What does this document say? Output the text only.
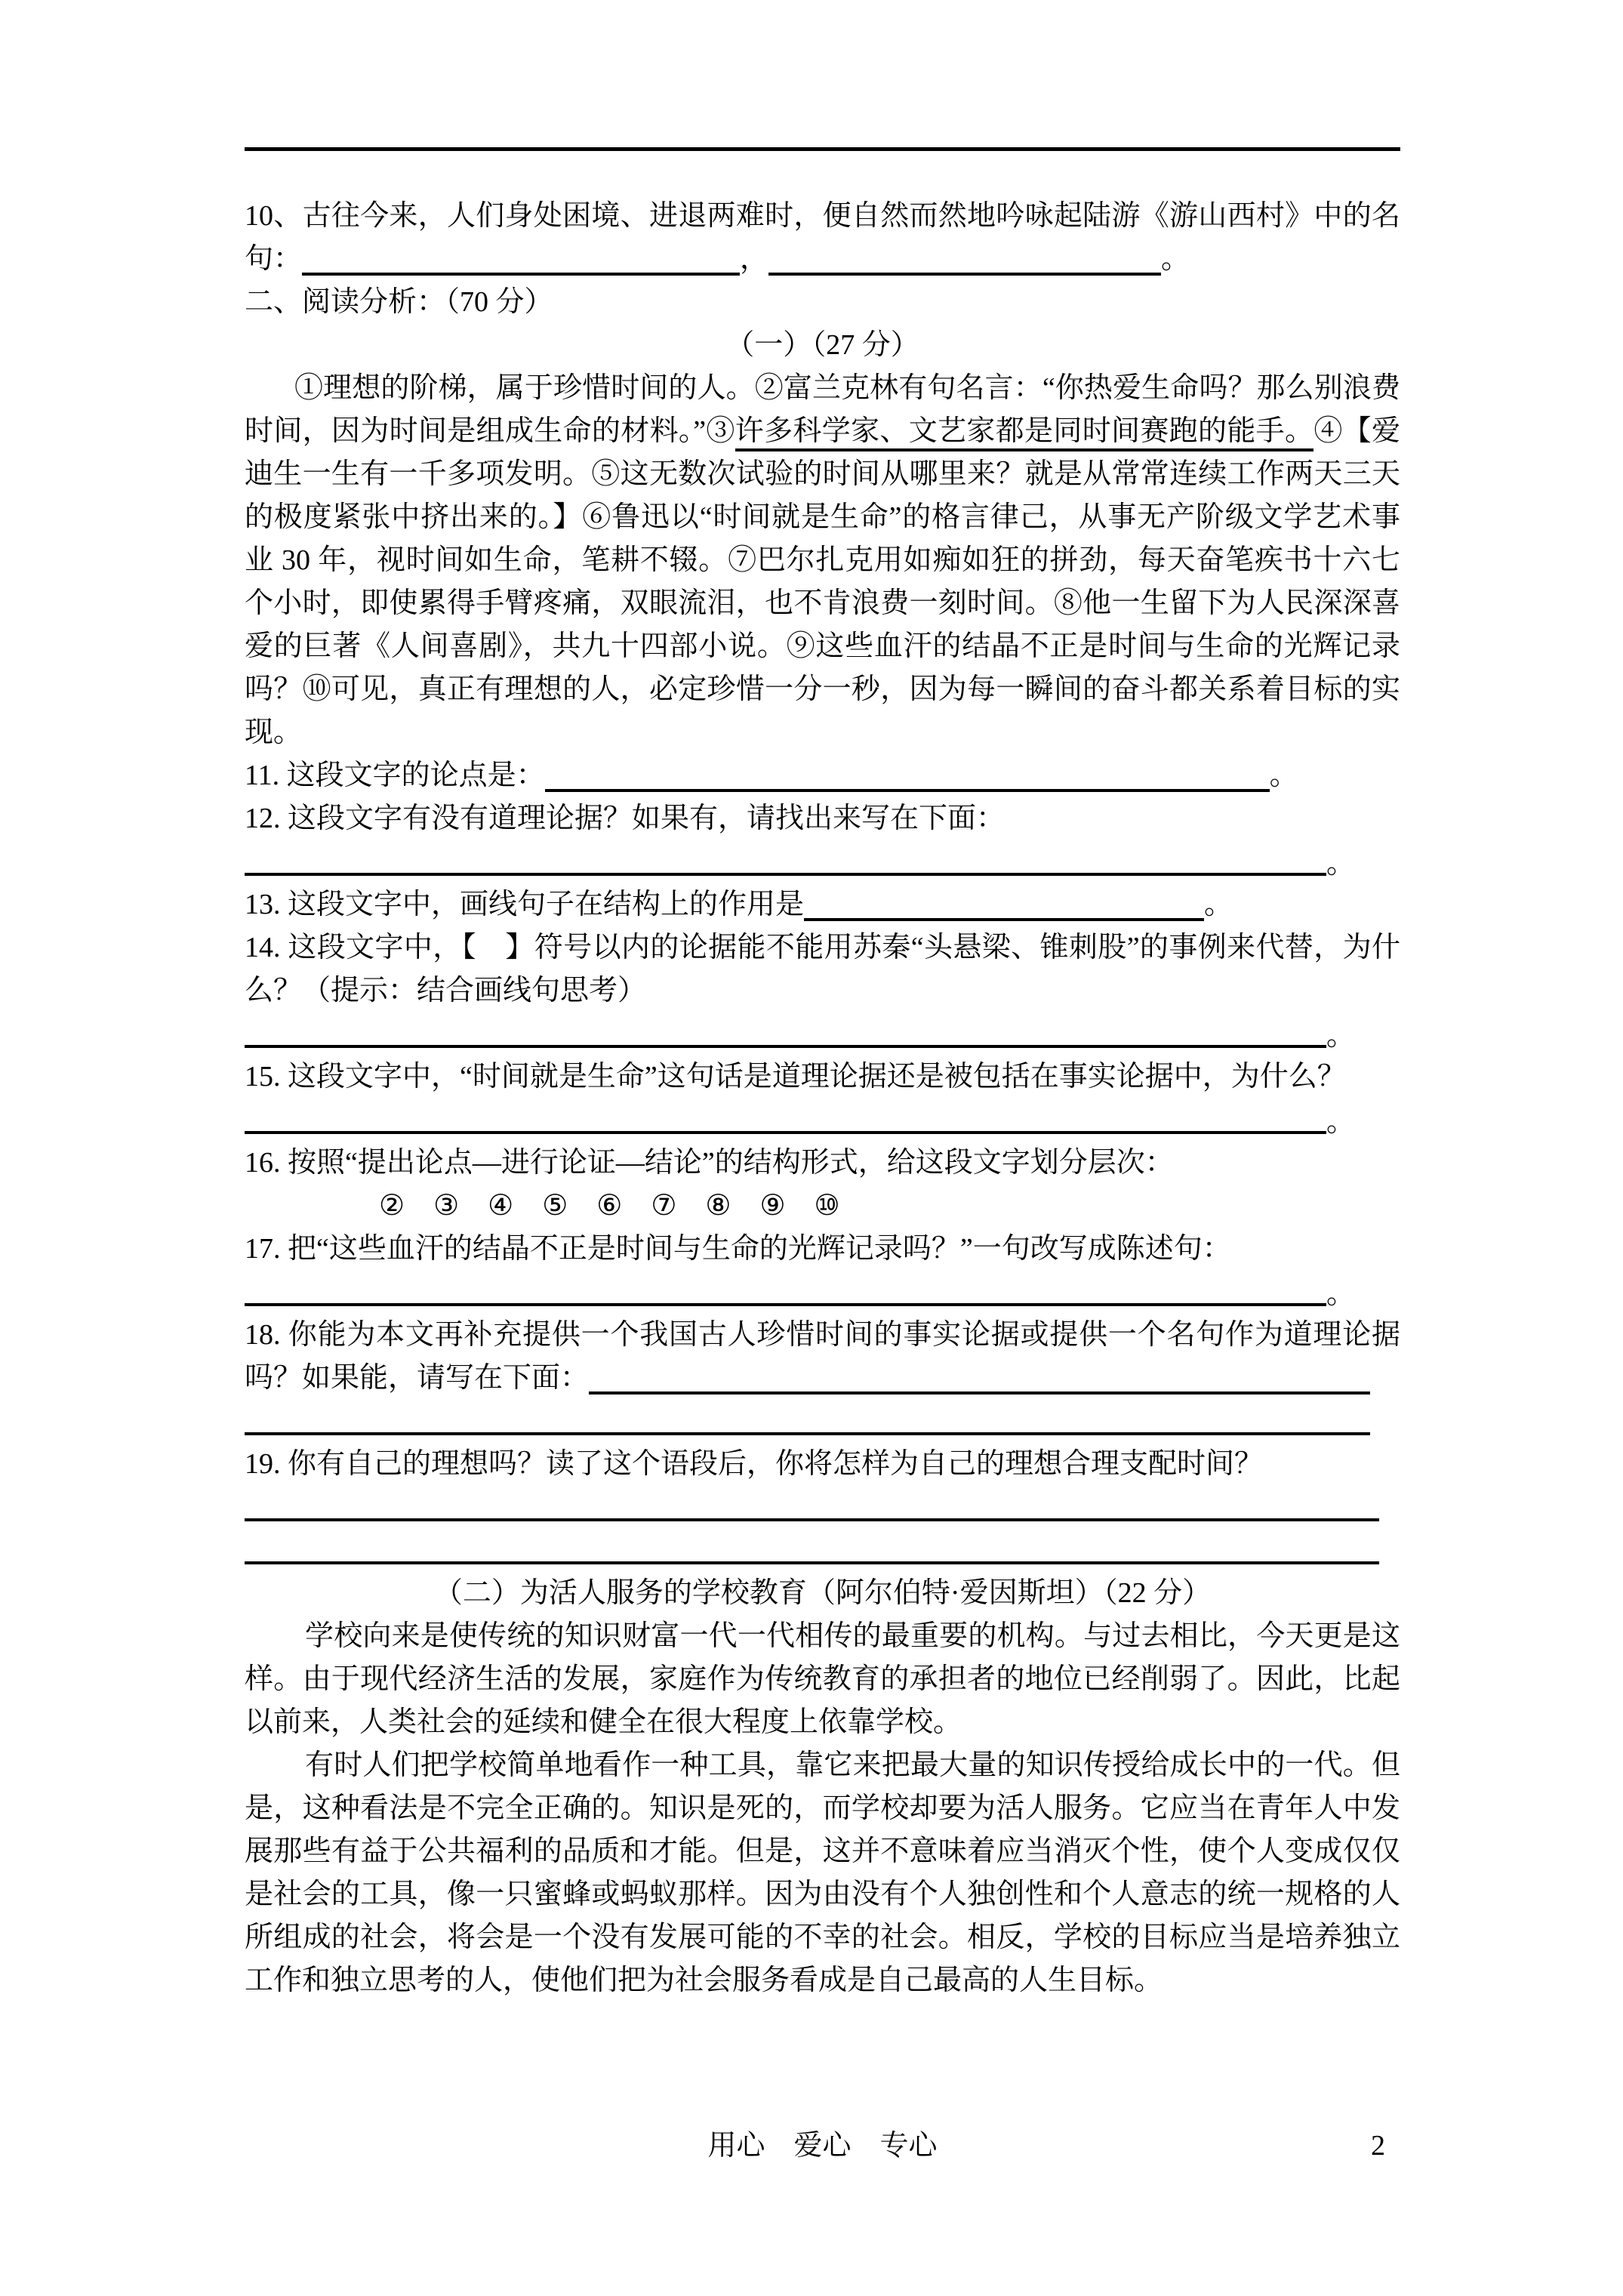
10、古往今来，人们身处困境、进退两难时，便自然而然地吟咏起陆游《游山西村》中的名句：	，	。
二、阅读分析：（70 分）
（一）（27 分）
①理想的阶梯，属于珍惜时间的人。②富兰克林有句名言：“你热爱生命吗？那么别浪费时间，因为时间是组成生命的材料。”③许多科学家、文艺家都是同时间赛跑的能手。④【爱迪生一生有一千多项发明。⑤这无数次试验的时间从哪里来？就是从常常连续工作两天三天的极度紧张中挤出来的。】⑥鲁迅以“时间就是生命”的格言律己，从事无产阶级文学艺术事业 30 年，视时间如生命，笔耕不辍。⑦巴尔扎克用如痴如狂的拼劲，每天奋笔疾书十六七个小时，即使累得手臂疼痛，双眼流泪，也不肯浪费一刻时间。⑧他一生留下为人民深深喜爱的巨著《人间喜剧》，共九十四部小说。⑨这些血汗的结晶不正是时间与生命的光辉记录吗？⑩可见，真正有理想的人，必定珍惜一分一秒，因为每一瞬间的奋斗都关系着目标的实现。
11. 这段文字的论点是：	。
12. 这段文字有没有道理论据？如果有，请找出来写在下面：
。
13. 这段文字中，画线句子在结构上的作用是	。
14. 这段文字中，【　】符号以内的论据能不能用苏秦“头悬梁、锥刺股”的事例来代替，为什么？（提示：结合画线句思考）
。
15. 这段文字中，“时间就是生命”这句话是道理论据还是被包括在事实论据中，为什么？
。
16. 按照“提出论点—进行论证—结论”的结构形式，给这段文字划分层次：
②　③　④　⑤　⑥　⑦　⑧　⑨　⑩
17. 把“这些血汗的结晶不正是时间与生命的光辉记录吗？”一句改写成陈述句：
。
18. 你能为本文再补充提供一个我国古人珍惜时间的事实论据或提供一个名句作为道理论据吗？如果能，请写在下面：
19. 你有自己的理想吗？读了这个语段后，你将怎样为自己的理想合理支配时间？
（二）为活人服务的学校教育（阿尔伯特·爱因斯坦）（22 分）
学校向来是使传统的知识财富一代一代相传的最重要的机构。与过去相比，今天更是这样。由于现代经济生活的发展，家庭作为传统教育的承担者的地位已经削弱了。因此，比起以前来，人类社会的延续和健全在很大程度上依靠学校。
有时人们把学校简单地看作一种工具，靠它来把最大量的知识传授给成长中的一代。但是，这种看法是不完全正确的。知识是死的，而学校却要为活人服务。它应当在青年人中发展那些有益于公共福利的品质和才能。但是，这并不意味着应当消灭个性，使个人变成仅仅是社会的工具，像一只蜜蜂或蚂蚁那样。因为由没有个人独创性和个人意志的统一规格的人所组成的社会，将会是一个没有发展可能的不幸的社会。相反，学校的目标应当是培养独立工作和独立思考的人，使他们把为社会服务看成是自己最高的人生目标。
用心　爱心　专心	2
